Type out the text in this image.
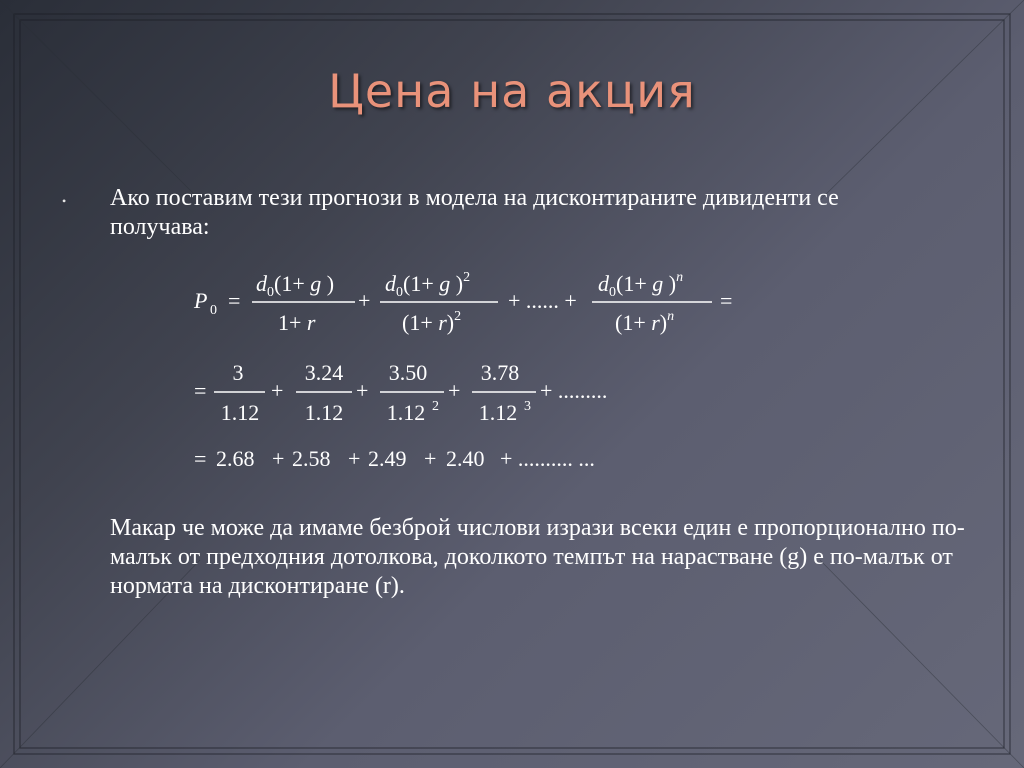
Цена на акция
• Ако поставим тези прогнози в модела на дисконтираните дивиденти се получава:
P 0 =
$d_0(1+ g$ )
1+ r
+
$d_0(1+ g$ )$^2$
$(1+ r)^2$
+ ...... +
$d_0(1+ g$ )$^n$
$(1+ r)^n$
=
=
3
1.12
+
3.24
1.12
+
3.50
1.12 2
+
3.78
1.12 3
+ .........
= 2.68 + 2.58 + 2.49 + 2.40 + .......... ...
Макар че може да имаме безброй числови изрази всеки един е пропорционално по-малък от предходния дотолкова, доколкото темпът на нарастване (g) е по-малък от нормата на дисконтиране (r).
